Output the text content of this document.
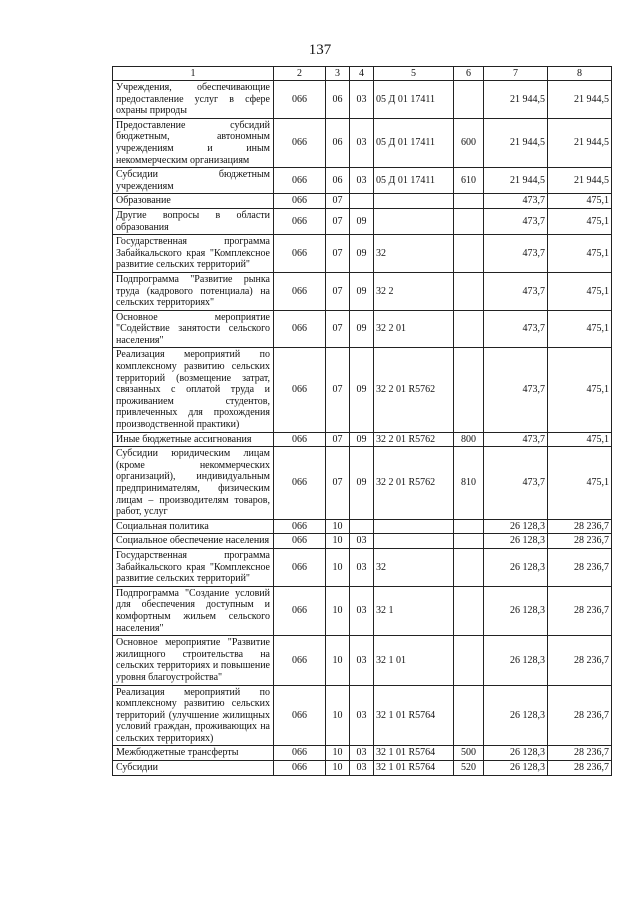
137
1	2	3	4	5	6	7	8
Учреждения, обеспечивающие предоставление услуг в сфере охраны природы	066	06	03	05 Д 01 17411		21 944,5	21 944,5
Предоставление субсидий бюджетным, автономным учреждениям и иным некоммерческим организациям	066	06	03	05 Д 01 17411	600	21 944,5	21 944,5
Субсидии бюджетным учреждениям	066	06	03	05 Д 01 17411	610	21 944,5	21 944,5
Образование	066	07				473,7	475,1
Другие вопросы в области образования	066	07	09			473,7	475,1
Государственная программа Забайкальского края "Комплексное развитие сельских территорий"	066	07	09	32		473,7	475,1
Подпрограмма "Развитие рынка труда (кадрового потенциала) на сельских территориях"	066	07	09	32 2		473,7	475,1
Основное мероприятие "Содействие занятости сельского населения"	066	07	09	32 2 01		473,7	475,1
Реализация мероприятий по комплексному развитию сельских территорий (возмещение затрат, связанных с оплатой труда и проживанием студентов, привлеченных для прохождения производственной практики)	066	07	09	32 2 01 R5762		473,7	475,1
Иные бюджетные ассигнования	066	07	09	32 2 01 R5762	800	473,7	475,1
Субсидии юридическим лицам (кроме некоммерческих организаций), индивидуальным предпринимателям, физическим лицам – производителям товаров, работ, услуг	066	07	09	32 2 01 R5762	810	473,7	475,1
Социальная политика	066	10				26 128,3	28 236,7
Социальное обеспечение населения	066	10	03			26 128,3	28 236,7
Государственная программа Забайкальского края "Комплексное развитие сельских территорий"	066	10	03	32		26 128,3	28 236,7
Подпрограмма "Создание условий для обеспечения доступным и комфортным жильем сельского населения"	066	10	03	32 1		26 128,3	28 236,7
Основное мероприятие "Развитие жилищного строительства на сельских территориях и повышение уровня благоустройства"	066	10	03	32 1 01		26 128,3	28 236,7
Реализация мероприятий по комплексному развитию сельских территорий (улучшение жилищных условий граждан, проживающих на сельских территориях)	066	10	03	32 1 01 R5764		26 128,3	28 236,7
Межбюджетные трансферты	066	10	03	32 1 01 R5764	500	26 128,3	28 236,7
Субсидии	066	10	03	32 1 01 R5764	520	26 128,3	28 236,7
